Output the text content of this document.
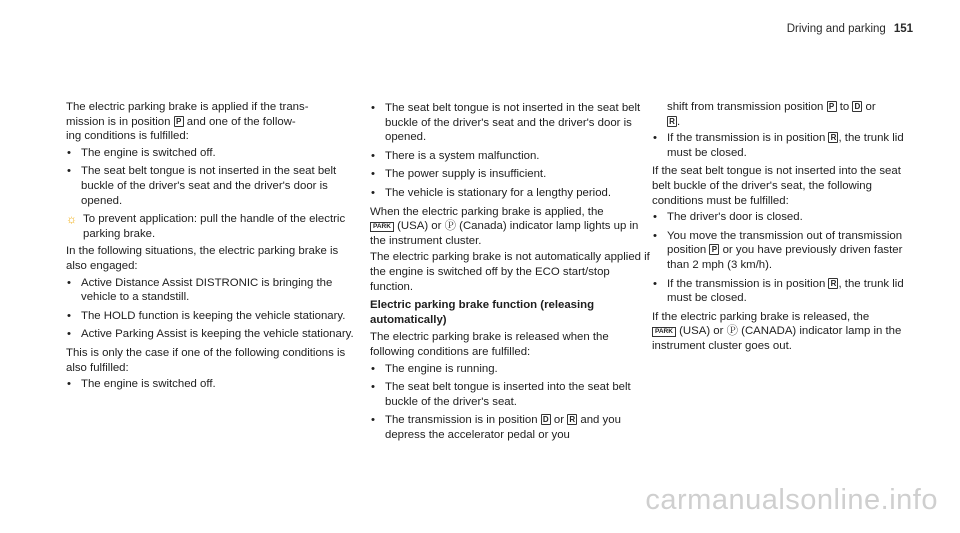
Driving and parking 151

The electric parking brake is applied if the trans-
mission is in position P and one of the follow-
ing conditions is fulfilled:

• The engine is switched off.
• The seat belt tongue is not inserted in the seat belt buckle of the driver's seat and the driver's door is opened.
☼ To prevent application: pull the handle of the electric parking brake.

In the following situations, the electric parking brake is also engaged:

• Active Distance Assist DISTRONIC is bringing the vehicle to a standstill.
• The HOLD function is keeping the vehicle stationary.
• Active Parking Assist is keeping the vehicle stationary.

This is only the case if one of the following conditions is also fulfilled:

• The engine is switched off.
• The seat belt tongue is not inserted in the seat belt buckle of the driver's seat and the driver's door is opened.
• There is a system malfunction.
• The power supply is insufficient.
• The vehicle is stationary for a lengthy period.

When the electric parking brake is applied, the
PARK (USA) or Ⓟ (Canada) indicator lamp lights up in the instrument cluster.

The electric parking brake is not automatically applied if the engine is switched off by the ECO start/stop function.

Electric parking brake function (releasing automatically)

The electric parking brake is released when the following conditions are fulfilled:

• The engine is running.
• The seat belt tongue is inserted into the seat belt buckle of the driver's seat.
• The transmission is in position D or R and you depress the accelerator pedal or you

shift from transmission position P to D or
R .

• If the transmission is in position R , the trunk lid must be closed.

If the seat belt tongue is not inserted into the seat belt buckle of the driver's seat, the following conditions must be fulfilled:

• The driver's door is closed.
• You move the transmission out of transmission position P or you have previously driven faster than 2 mph (3 km/h).
• If the transmission is in position R , the trunk lid must be closed.

If the electric parking brake is released, the
PARK (USA) or Ⓟ (CANADA) indicator lamp in the instrument cluster goes out.

carmanualsonline.info
